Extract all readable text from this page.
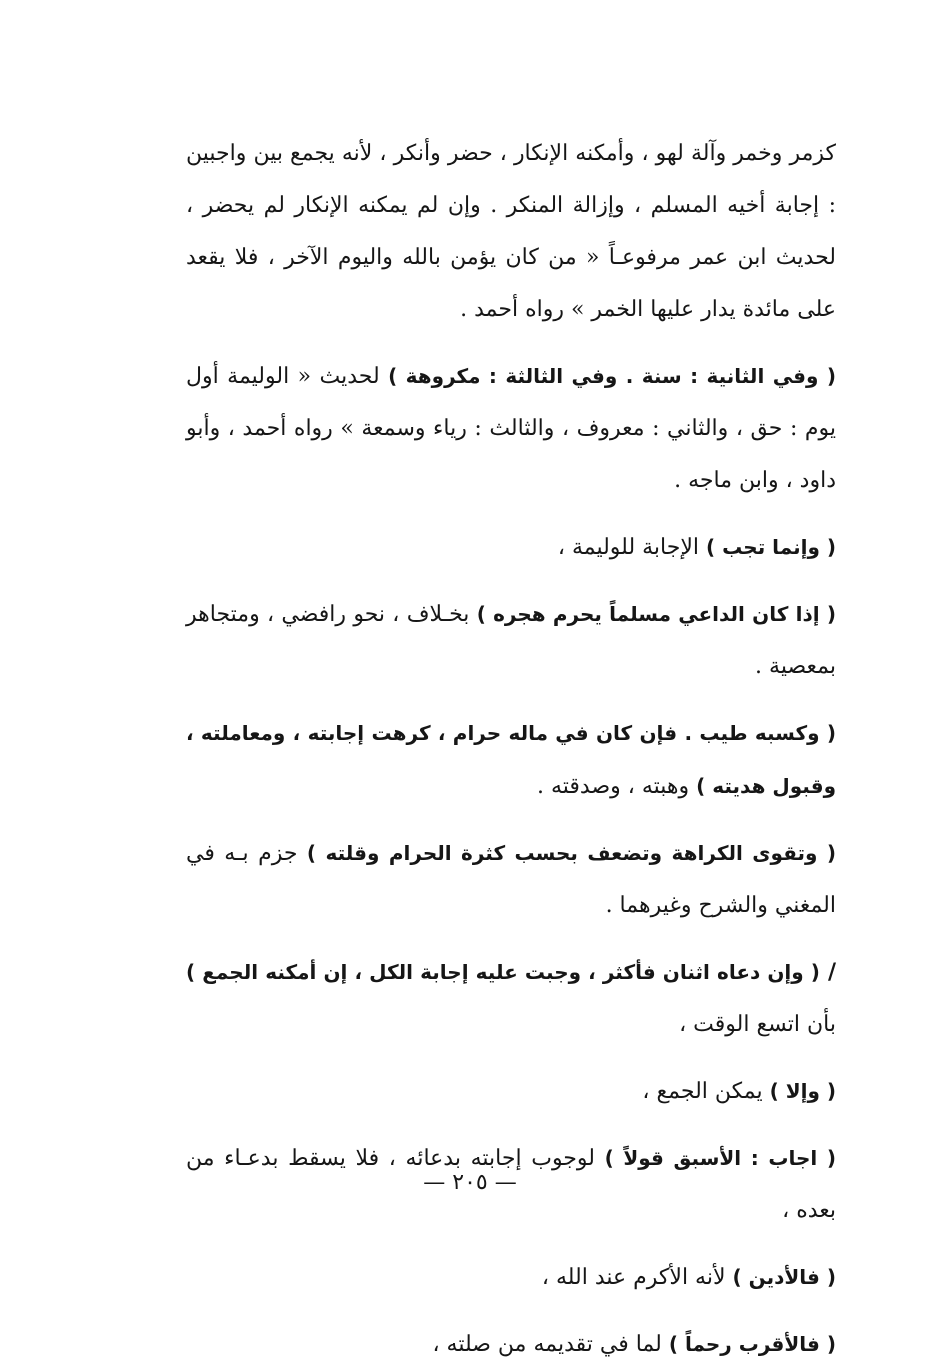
كزمر وخمر وآلة لهو ، وأمكنه الإنكار ، حضر وأنكر ، لأنه يجمع بين واجبين : إجابة أخيه المسلم ، وإزالة المنكر . وإن لم يمكنه الإنكار لم يحضر ، لحديث ابن عمر مرفوعـاً « من كان يؤمن بالله واليوم الآخر ، فلا يقعد على مائدة يدار عليها الخمر » رواه أحمد .

( وفي الثانية : سنة . وفي الثالثة : مكروهة ) لحديث « الوليمة أول يوم : حق ، والثاني : معروف ، والثالث : رياء وسمعة » رواه أحمد ، وأبو داود ، وابن ماجه .

( وإنما تجب ) الإجابة للوليمة ،

( إذا كان الداعي مسلماً يحرم هجره ) بخـلاف ، نحو رافضي ، ومتجاهر بمعصية .

( وكسبه طيب . فإن كان في ماله حرام ، كرهت إجابته ، ومعاملته ، وقبول هديته ) وهبته ، وصدقته .

( وتقوى الكراهة وتضعف بحسب كثرة الحرام وقلته ) جزم بـه في المغني والشرح وغيرهما .

/( وإن دعاه اثنان فأكثر ، وجبت عليه إجابة الكل ، إن أمكنه الجمع ) بأن اتسع الوقت ،

( وإلا ) يمكن الجمع ،

( اجاب : الأسبق قولاً ) لوجوب إجابته بدعائه ، فلا يسقط بدعـاء من بعده ،

( فالأدين ) لأنه الأكرم عند الله ،

( فالأقرب رحماً ) لما في تقديمه من صلته ،

— ٢٠٥ —
